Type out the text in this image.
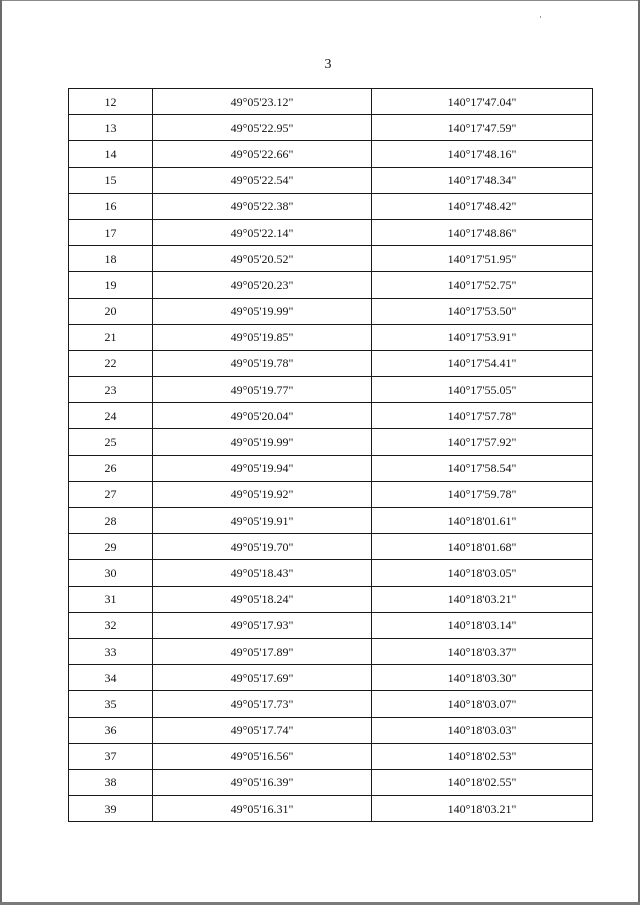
3
12	49°05'23.12"	140°17'47.04"
13	49°05'22.95"	140°17'47.59"
14	49°05'22.66"	140°17'48.16"
15	49°05'22.54"	140°17'48.34"
16	49°05'22.38"	140°17'48.42"
17	49°05'22.14"	140°17'48.86"
18	49°05'20.52"	140°17'51.95"
19	49°05'20.23"	140°17'52.75"
20	49°05'19.99"	140°17'53.50"
21	49°05'19.85"	140°17'53.91"
22	49°05'19.78"	140°17'54.41"
23	49°05'19.77"	140°17'55.05"
24	49°05'20.04"	140°17'57.78"
25	49°05'19.99"	140°17'57.92"
26	49°05'19.94"	140°17'58.54"
27	49°05'19.92"	140°17'59.78"
28	49°05'19.91"	140°18'01.61"
29	49°05'19.70"	140°18'01.68"
30	49°05'18.43"	140°18'03.05"
31	49°05'18.24"	140°18'03.21"
32	49°05'17.93"	140°18'03.14"
33	49°05'17.89"	140°18'03.37"
34	49°05'17.69"	140°18'03.30"
35	49°05'17.73"	140°18'03.07"
36	49°05'17.74"	140°18'03.03"
37	49°05'16.56"	140°18'02.53"
38	49°05'16.39"	140°18'02.55"
39	49°05'16.31"	140°18'03.21"
